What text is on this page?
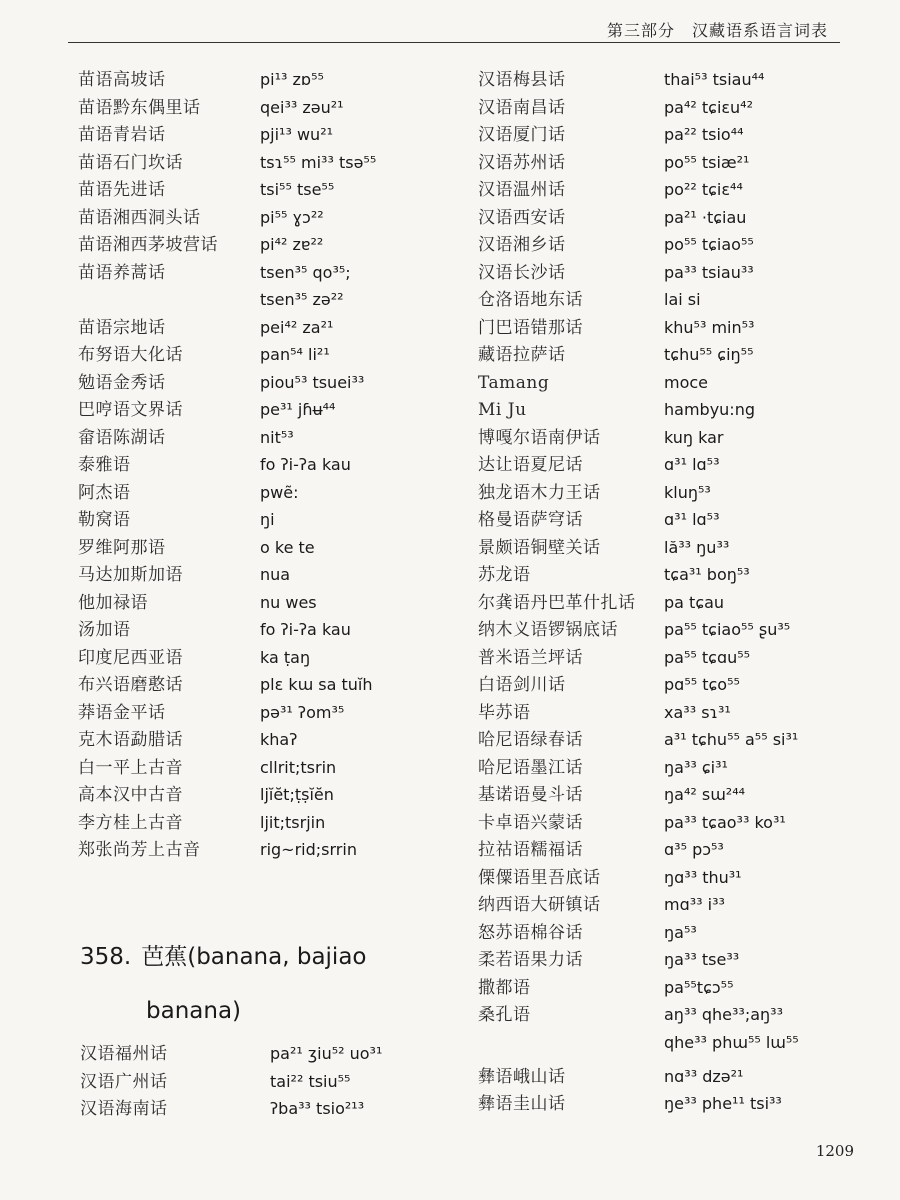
第三部分　汉藏语系语言词表
苗语高坡话	pi¹³ zɒ⁵⁵
苗语黔东偶里话	qei³³ zəu²¹
苗语青岩话	pji¹³ wu²¹
苗语石门坎话	tsɿ⁵⁵ mi³³ tsə⁵⁵
苗语先进话	tsi⁵⁵ tse⁵⁵
苗语湘西洞头话	pi⁵⁵ ɣɔ²²
苗语湘西茅坡营话	pi⁴² zɐ²²
苗语养蒿话	tsen³⁵ qo³⁵;
tsen³⁵ zə²²
苗语宗地话	pei⁴² za²¹
布努语大化话	pan⁵⁴ li²¹
勉语金秀话	piou⁵³ tsuei³³
巴哼语文界话	pe³¹ jɦʉ⁴⁴
畲语陈湖话	nit⁵³
泰雅语	fo ʔi-ʔa kau
阿杰语	pwẽ:
勒窝语	ŋi
罗维阿那语	o ke te
马达加斯加语	nua
他加禄语	nu wes
汤加语	fo ʔi-ʔa kau
印度尼西亚语	ka ṭaŋ
布兴语磨憨话	plɛ kɯ sa tuĭh
莽语金平话	pə³¹ ʔom³⁵
克木语勐腊话	khaʔ
白一平上古音	cllrit;tsrin
高本汉中古音	ljĭĕt;ṭṣĭĕn
李方桂上古音	ljit;tsrjin
郑张尚芳上古音	rig~rid;srrin
358. 芭蕉(banana, bajiao
banana)
汉语福州话	pa²¹ ʒiu⁵² uo³¹
汉语广州话	tai²² tsiu⁵⁵
汉语海南话	ʔba³³ tsio²¹³
汉语梅县话	thai⁵³ tsiau⁴⁴
汉语南昌话	pa⁴² tɕiɛu⁴²
汉语厦门话	pa²² tsio⁴⁴
汉语苏州话	po⁵⁵ tsiæ²¹
汉语温州话	po²² tɕiɛ⁴⁴
汉语西安话	pa²¹ ·tɕiau
汉语湘乡话	po⁵⁵ tɕiao⁵⁵
汉语长沙话	pa³³ tsiau³³
仓洛语地东话	lai si
门巴语错那话	khu⁵³ min⁵³
藏语拉萨话	tɕhu⁵⁵ ɕiŋ⁵⁵
Tamang	moce
Mi Ju	hambyu:ng
博嘎尔语南伊话	kuŋ kar
达让语夏尼话	ɑ³¹ lɑ⁵³
独龙语木力王话	kluŋ⁵³
格曼语萨穹话	ɑ³¹ lɑ⁵³
景颇语铜壁关话	lă³³ ŋu³³
苏龙语	tɕa³¹ boŋ⁵³
尔龚语丹巴革什扎话	pa tɕau
纳木义语锣锅底话	pa⁵⁵ tɕiao⁵⁵ ʂu³⁵
普米语兰坪话	pa⁵⁵ tɕɑu⁵⁵
白语剑川话	pɑ⁵⁵ tɕo⁵⁵
毕苏语	xa³³ sɿ³¹
哈尼语绿春话	a³¹ tɕhu⁵⁵ a⁵⁵ si³¹
哈尼语墨江话	ŋa³³ ɕi³¹
基诺语曼斗话	ŋa⁴² sɯ²⁴⁴
卡卓语兴蒙话	pa³³ tɕao³³ ko³¹
拉祜语糯福话	ɑ³⁵ pɔ⁵³
傈僳语里吾底话	ŋɑ³³ thu³¹
纳西语大研镇话	mɑ³³ i³³
怒苏语棉谷话	ŋa⁵³
柔若语果力话	ŋa³³ tse³³
撒都语	pa⁵⁵tɕɔ⁵⁵
桑孔语	aŋ³³ qhe³³;aŋ³³
qhe³³ phɯ⁵⁵ lɯ⁵⁵
彝语峨山话	nɑ³³ dzə²¹
彝语圭山话	ŋe³³ phe¹¹ tsi³³
1209
